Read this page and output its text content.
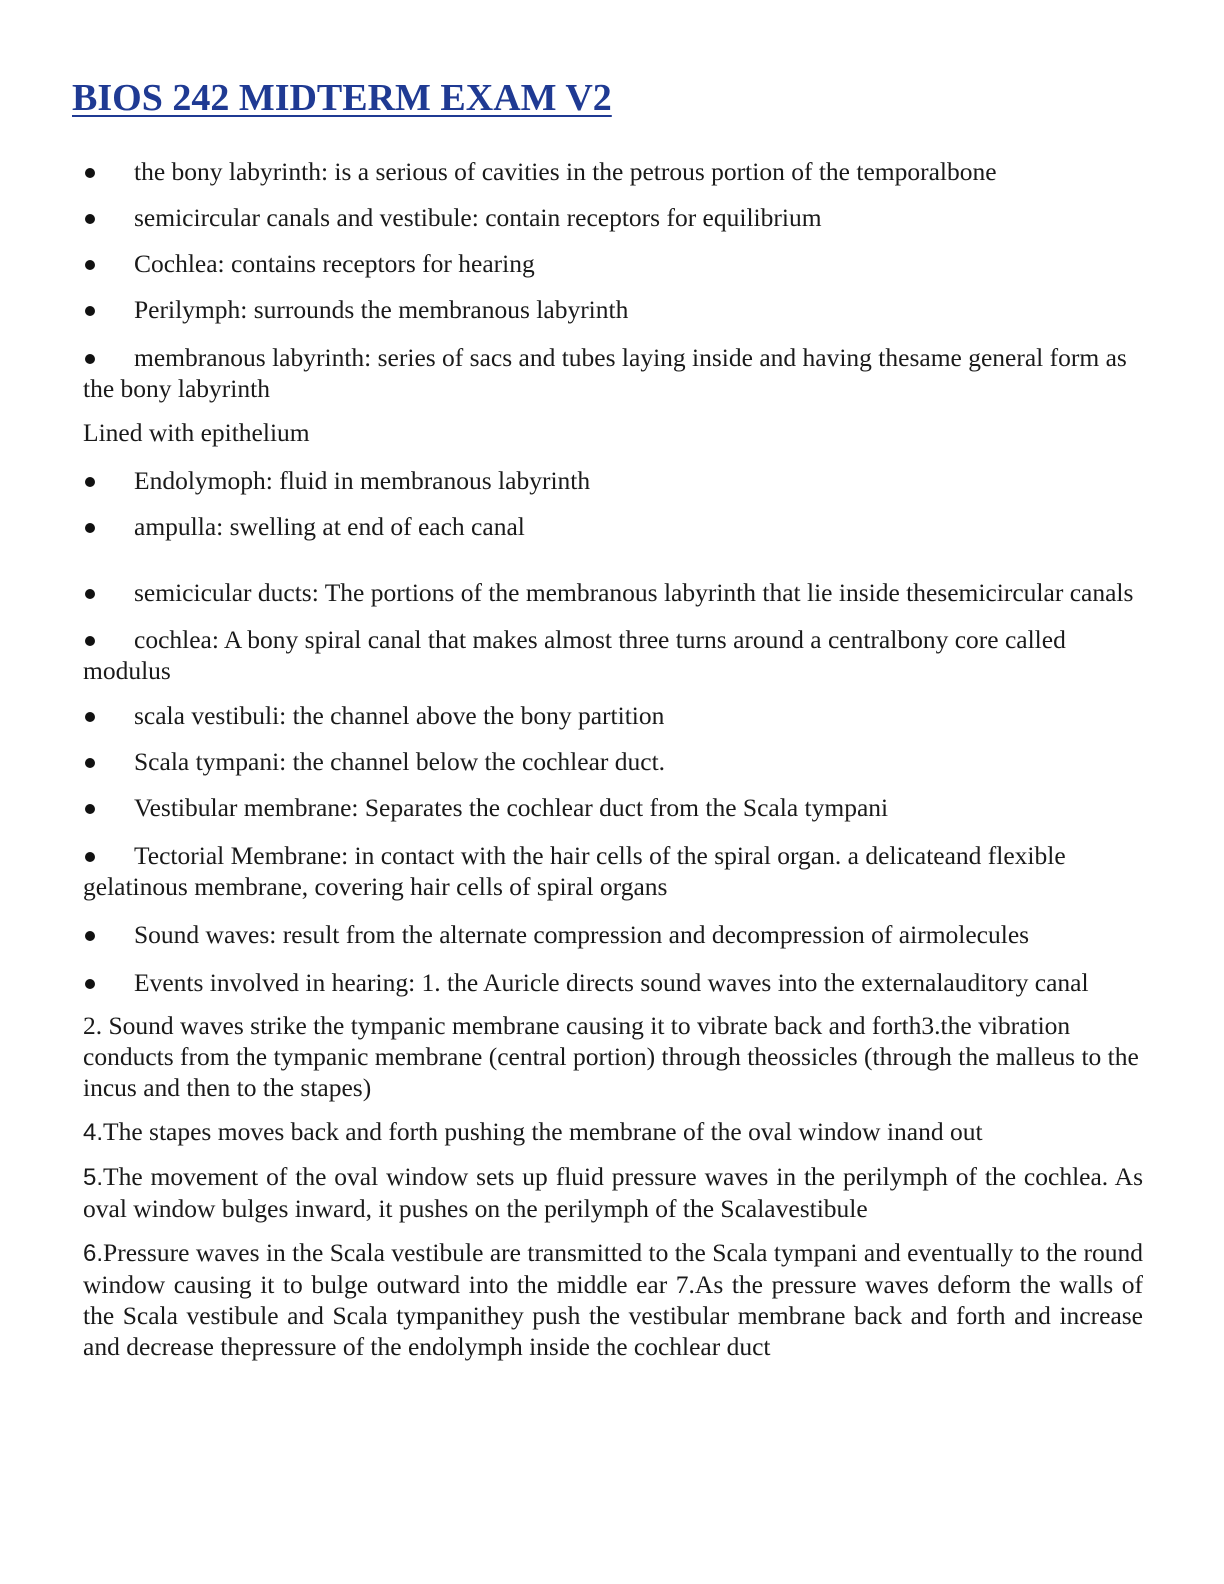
BIOS 242 MIDTERM EXAM V2

the bony labyrinth: is a serious of cavities in the petrous portion of the temporalbone

semicircular canals and vestibule: contain receptors for equilibrium

Cochlea: contains receptors for hearing

Perilymph: surrounds the membranous labyrinth

membranous labyrinth: series of sacs and tubes laying inside and having thesame general form as the bony labyrinth

Lined with epithelium

Endolymoph: fluid in membranous labyrinth

ampulla: swelling at end of each canal

semicicular ducts: The portions of the membranous labyrinth that lie inside thesemicircular canals

cochlea: A bony spiral canal that makes almost three turns around a centralbony core called modulus

scala vestibuli: the channel above the bony partition

Scala tympani: the channel below the cochlear duct.

Vestibular membrane: Separates the cochlear duct from the Scala tympani

Tectorial Membrane: in contact with the hair cells of the spiral organ. a delicateand flexible gelatinous membrane, covering hair cells of spiral organs

Sound waves: result from the alternate compression and decompression of airmolecules

Events involved in hearing: 1. the Auricle directs sound waves into the externalauditory canal

2. Sound waves strike the tympanic membrane causing it to vibrate back and forth3.the vibration conducts from the tympanic membrane (central portion) through theossicles (through the malleus to the incus and then to the stapes)

4.The stapes moves back and forth pushing the membrane of the oval window inand out

5.The movement of the oval window sets up fluid pressure waves in the perilymph of the cochlea. As oval window bulges inward, it pushes on the perilymph of the Scalavestibule

6.Pressure waves in the Scala vestibule are transmitted to the Scala tympani and eventually to the round window causing it to bulge outward into the middle ear 7.As the pressure waves deform the walls of the Scala vestibule and Scala tympanithey push the vestibular membrane back and forth and increase and decrease thepressure of the endolymph inside the cochlear duct
